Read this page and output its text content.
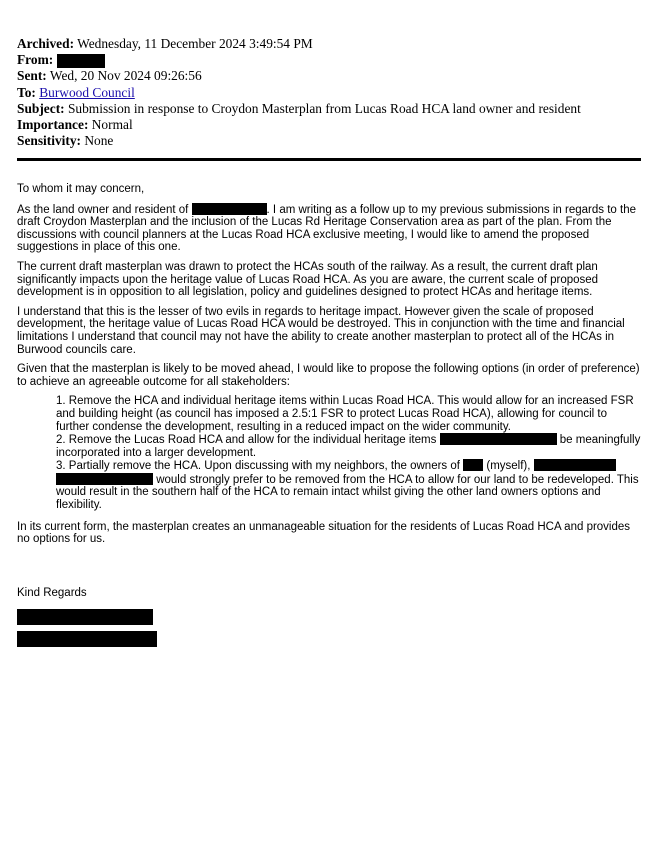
Archived: Wednesday, 11 December 2024 3:49:54 PM
From:
Sent: Wed, 20 Nov 2024 09:26:56
To: Burwood Council
Subject: Submission in response to Croydon Masterplan from Lucas Road HCA land owner and resident
Importance: Normal
Sensitivity: None

To whom it may concern,

As the land owner and resident of	. I am writing as a follow up to my previous submissions in regards to the draft Croydon Masterplan and the inclusion of the Lucas Rd Heritage Conservation area as part of the plan. From the discussions with council planners at the Lucas Road HCA exclusive meeting, I would like to amend the proposed suggestions in place of this one.

The current draft masterplan was drawn to protect the HCAs south of the railway. As a result, the current draft plan significantly impacts upon the heritage value of Lucas Road HCA. As you are aware, the current scale of proposed development is in opposition to all legislation, policy and guidelines designed to protect HCAs and heritage items.

I understand that this is the lesser of two evils in regards to heritage impact. However given the scale of proposed development, the heritage value of Lucas Road HCA would be destroyed. This in conjunction with the time and financial limitations I understand that council may not have the ability to create another masterplan to protect all of the HCAs in Burwood councils care.

Given that the masterplan is likely to be moved ahead, I would like to propose the following options (in order of preference) to achieve an agreeable outcome for all stakeholders:

1. Remove the HCA and individual heritage items within Lucas Road HCA. This would allow for an increased FSR and building height (as council has imposed a 2.5:1 FSR to protect Lucas Road HCA), allowing for council to further condense the development, resulting in a reduced impact on the wider community.
2. Remove the Lucas Road HCA and allow for the individual heritage items	be meaningfully incorporated into a larger development.
3. Partially remove the HCA. Upon discussing with my neighbors, the owners of (myself),   would strongly prefer to be removed from the HCA to allow for our land to be redeveloped. This would result in the southern half of the HCA to remain intact whilst giving the other land owners options and flexibility.

In its current form, the masterplan creates an unmanageable situation for the residents of Lucas Road HCA and provides no options for us.

Kind Regards
